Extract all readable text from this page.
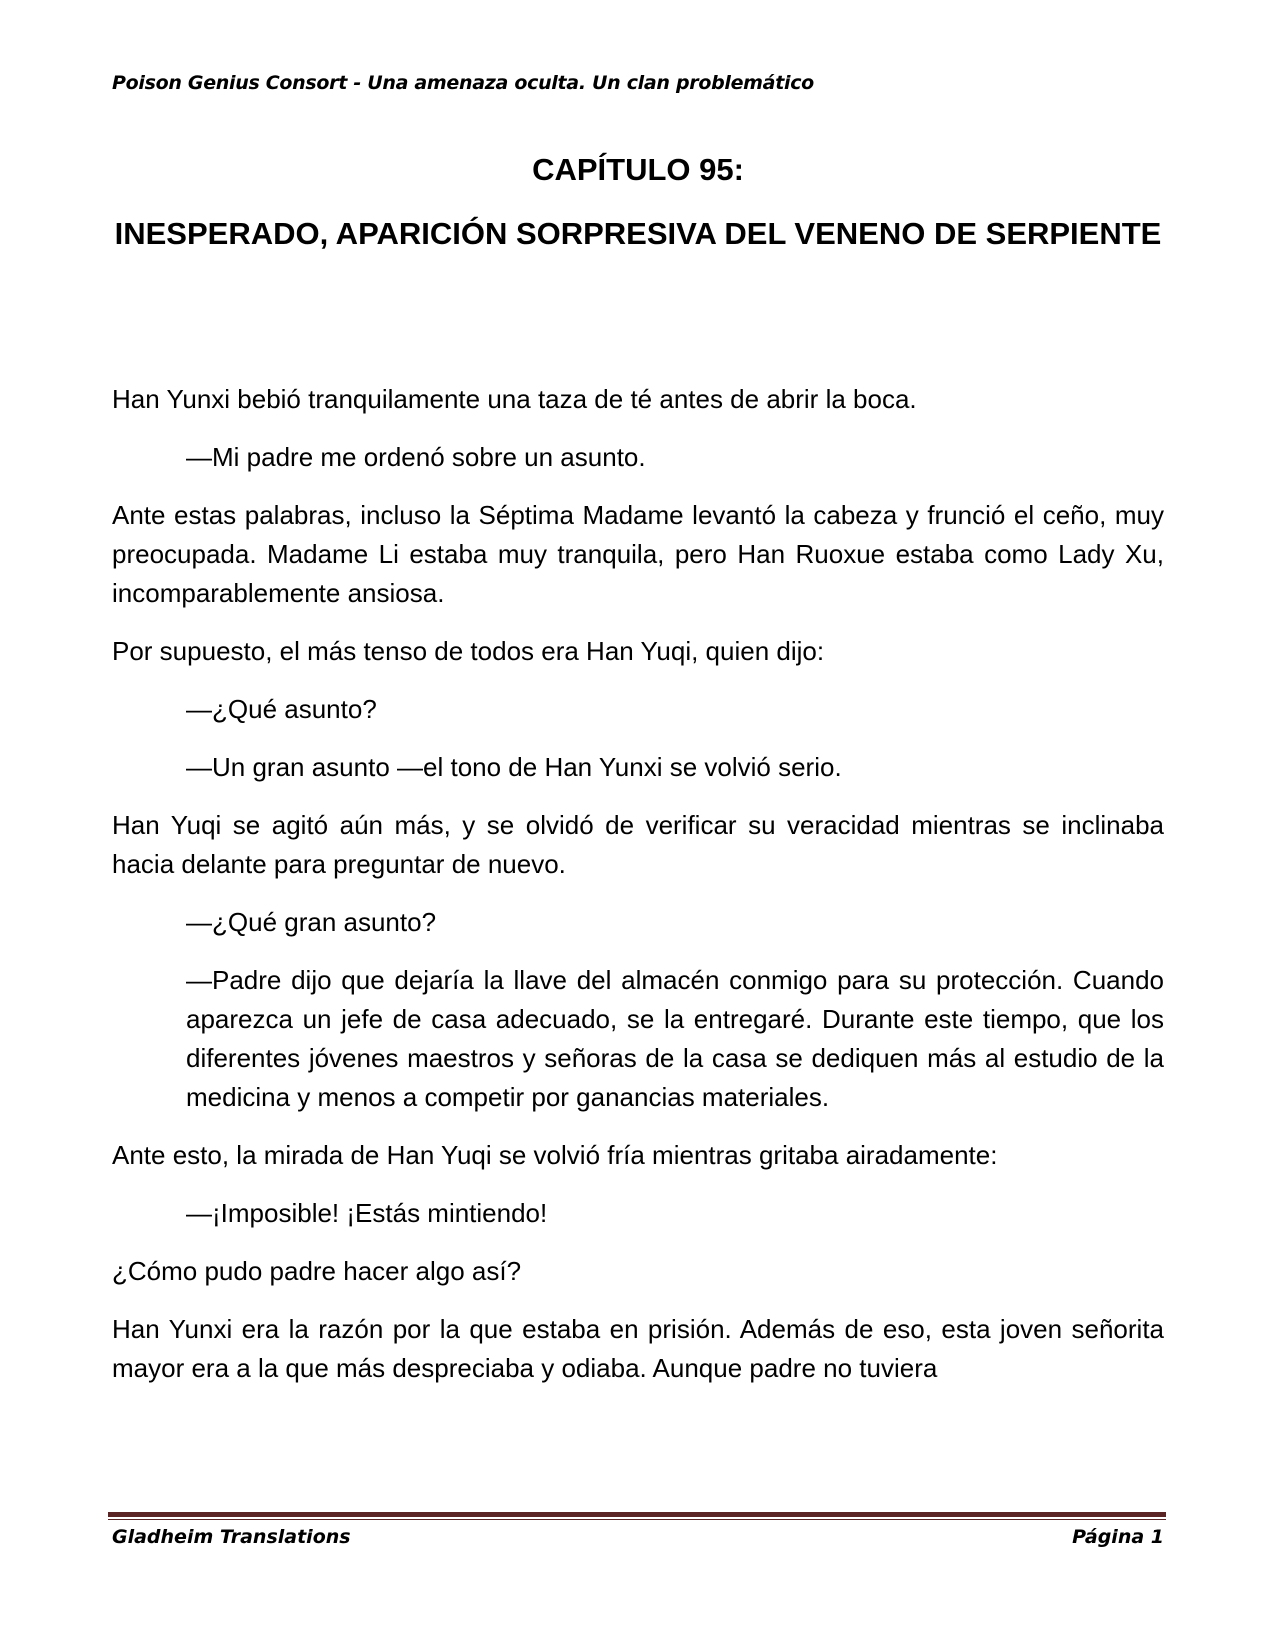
Poison Genius Consort - Una amenaza oculta. Un clan problemático
CAPÍTULO 95:
INESPERADO, APARICIÓN SORPRESIVA DEL VENENO DE SERPIENTE

Han Yunxi bebió tranquilamente una taza de té antes de abrir la boca.

—Mi padre me ordenó sobre un asunto.

Ante estas palabras, incluso la Séptima Madame levantó la cabeza y frunció el ceño, muy preocupada. Madame Li estaba muy tranquila, pero Han Ruoxue estaba como Lady Xu, incomparablemente ansiosa.

Por supuesto, el más tenso de todos era Han Yuqi, quien dijo:

—¿Qué asunto?

—Un gran asunto —el tono de Han Yunxi se volvió serio.

Han Yuqi se agitó aún más, y se olvidó de verificar su veracidad mientras se inclinaba hacia delante para preguntar de nuevo.

—¿Qué gran asunto?

—Padre dijo que dejaría la llave del almacén conmigo para su protección. Cuando aparezca un jefe de casa adecuado, se la entregaré. Durante este tiempo, que los diferentes jóvenes maestros y señoras de la casa se dediquen más al estudio de la medicina y menos a competir por ganancias materiales.

Ante esto, la mirada de Han Yuqi se volvió fría mientras gritaba airadamente:

—¡Imposible! ¡Estás mintiendo!

¿Cómo pudo padre hacer algo así?

Han Yunxi era la razón por la que estaba en prisión. Además de eso, esta joven señorita mayor era a la que más despreciaba y odiaba. Aunque padre no tuviera

Gladheim Translations	Página 1
